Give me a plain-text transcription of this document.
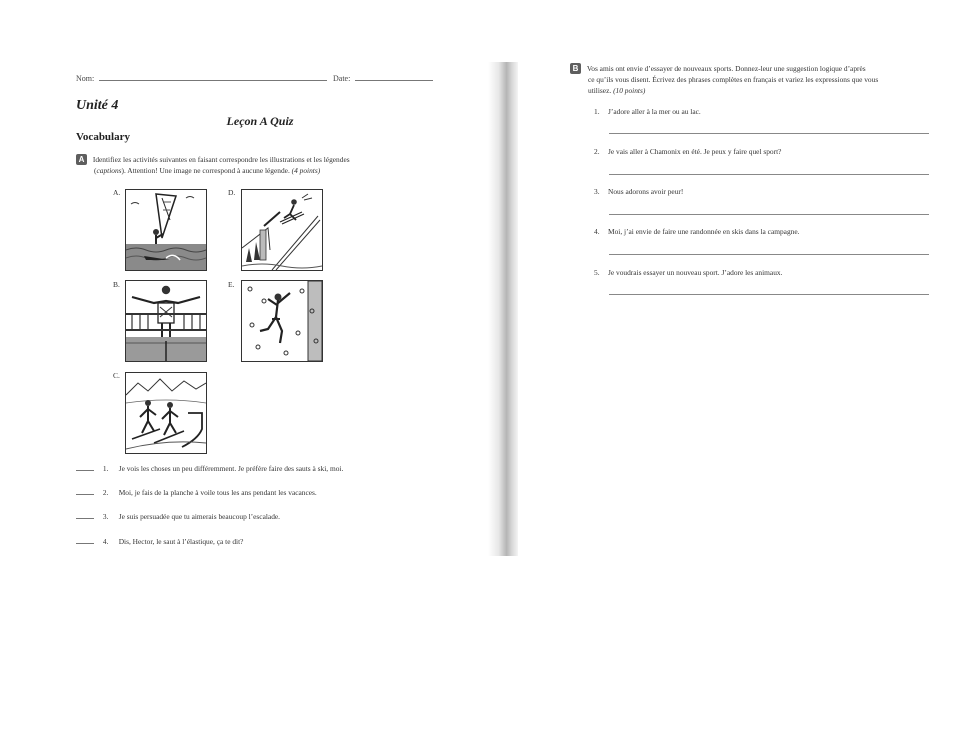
Nom:	Date:
Unité 4
Leçon A Quiz
Vocabulary
A Identifiez les activités suivantes en faisant correspondre les illustrations et les légendes
(captions). Attention! Une image ne correspond à aucune légende. (4 points)
A.
B.
C.
D.
E.
1. Je vois les choses un peu différemment. Je préfère faire des sauts à ski, moi.
2. Moi, je fais de la planche à voile tous les ans pendant les vacances.
3. Je suis persuadée que tu aimerais beaucoup l’escalade.
4. Dis, Hector, le saut à l’élastique, ça te dit?
B Vos amis ont envie d’essayer de nouveaux sports. Donnez-leur une suggestion logique d’après
ce qu’ils vous disent. Écrivez des phrases complètes en français et variez les expressions que vous
utilisez. (10 points)
1. J’adore aller à la mer ou au lac.
2. Je vais aller à Chamonix en été. Je peux y faire quel sport?
3. Nous adorons avoir peur!
4. Moi, j’ai envie de faire une randonnée en skis dans la campagne.
5. Je voudrais essayer un nouveau sport. J’adore les animaux.
